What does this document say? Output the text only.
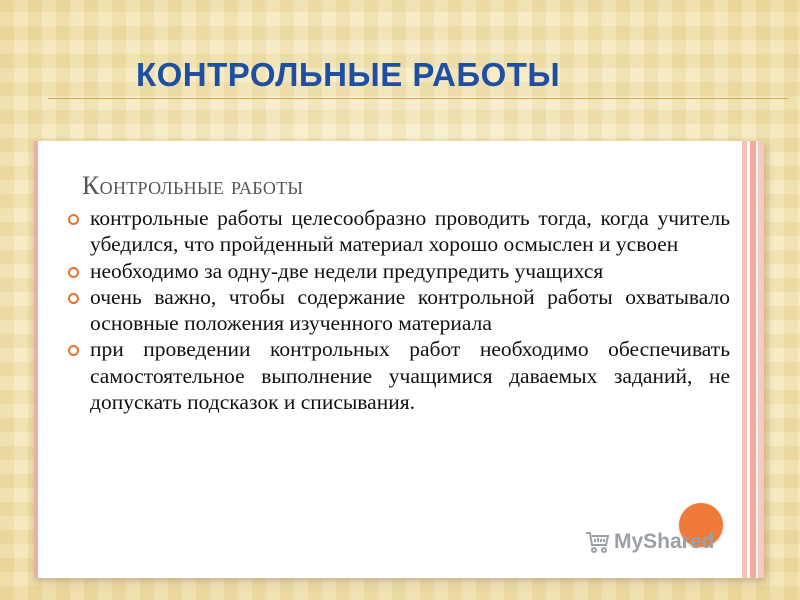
КОНТРОЛЬНЫЕ РАБОТЫ
Контрольные работы

контрольные работы целесообразно проводить тогда, когда учитель убедился, что пройденный материал хорошо осмыслен и усвоен

необходимо за одну-две недели предупредить учащихся

очень важно, чтобы содержание контрольной работы охватывало основные положения изученного материала

при проведении контрольных работ необходимо обеспечивать самостоятельное выполнение учащимися даваемых заданий, не допускать подсказок и списывания.

MyShared
